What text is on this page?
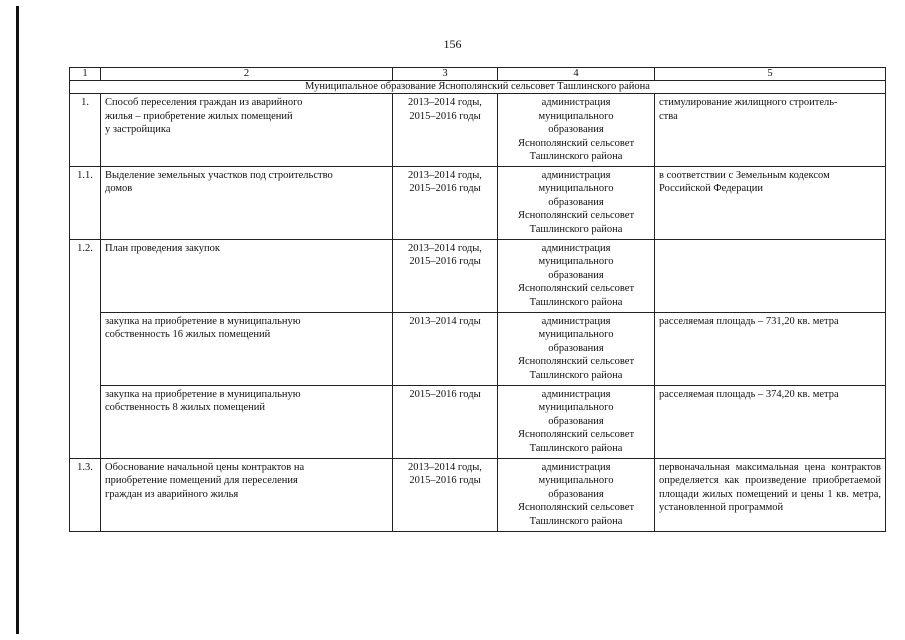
156
1	2	3	4	5
Муниципальное образование Яснополянский сельсовет Ташлинского района				
1.	Способ переселения граждан из аварийного
жилья – приобретение жилых помещений
у застройщика	2013–2014 годы,
2015–2016 годы	администрация
муниципального
образования
Яснополянский сельсовет
Ташлинского района	стимулирование жилищного строитель-
ства

1.1.	Выделение земельных участков под строительство
домов	2013–2014 годы,
2015–2016 годы	администрация
муниципального
образования
Яснополянский сельсовет
Ташлинского района	в соответствии с Земельным кодексом
Российской Федерации

1.2.	План проведения закупок	2013–2014 годы,
2015–2016 годы	администрация
муниципального
образования
Яснополянский сельсовет
Ташлинского района	

	закупка на приобретение в муниципальную
собственность 16 жилых помещений	2013–2014 годы	администрация
муниципального
образования
Яснополянский сельсовет
Ташлинского района	расселяемая площадь – 731,20 кв. метра

	закупка на приобретение в муниципальную
собственность 8 жилых помещений	2015–2016 годы	администрация
муниципального
образования
Яснополянский сельсовет
Ташлинского района	расселяемая площадь – 374,20 кв. метра

1.3.	Обоснование начальной цены контрактов на
приобретение помещений для переселения
граждан из аварийного жилья	2013–2014 годы,
2015–2016 годы	администрация
муниципального
образования
Яснополянский сельсовет
Ташлинского района	первоначальная максимальная цена контрактов определяется как произведение приобретаемой площади жилых помещений и цены 1 кв. метра, установленной программой
